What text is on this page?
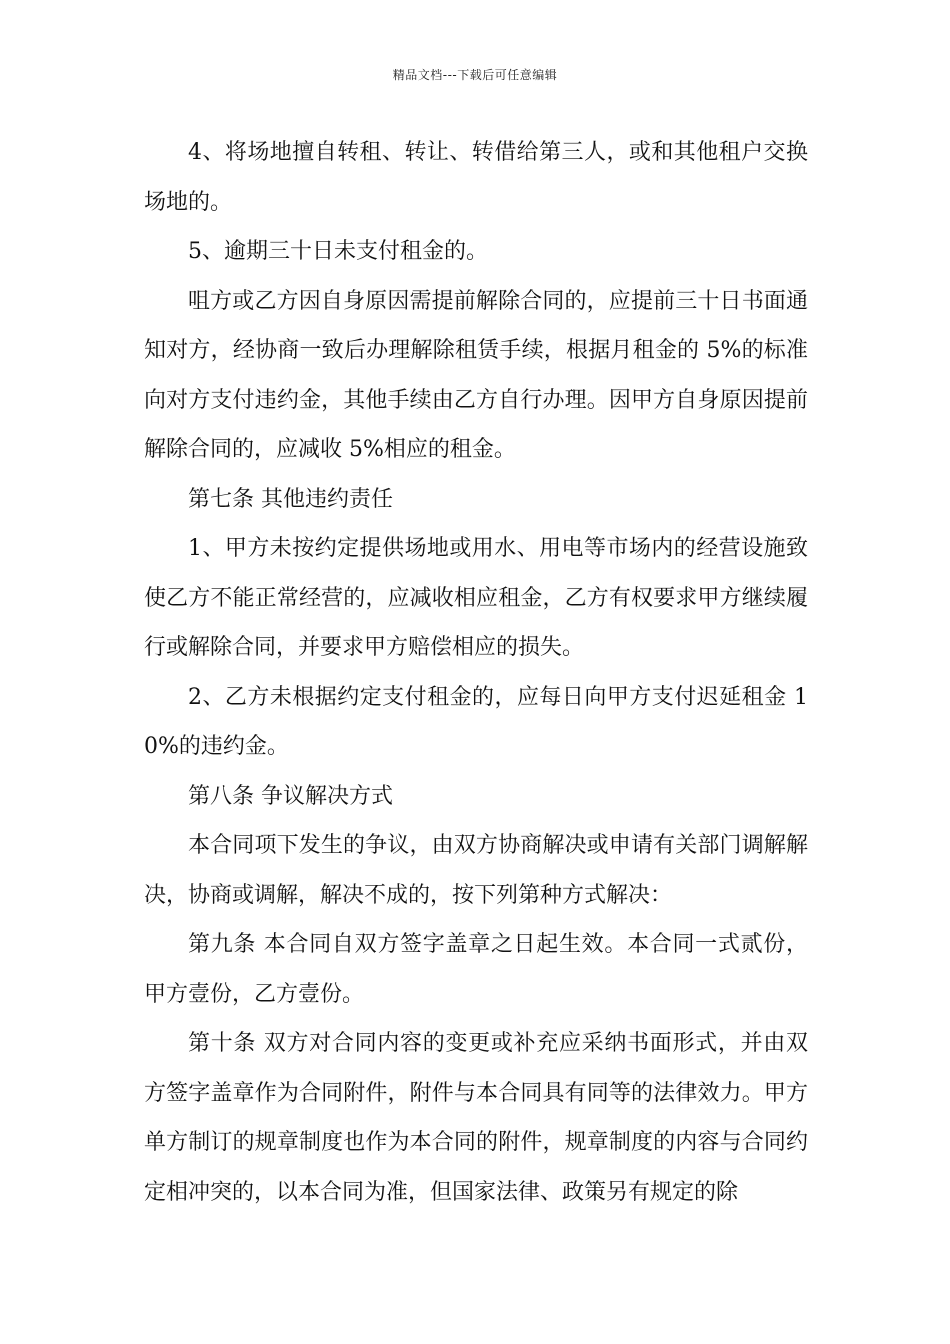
精品文档---下载后可任意编辑

4、将场地擅自转租、转让、转借给第三人，或和其他租户交换场地的。

5、逾期三十日未支付租金的。

咀方或乙方因自身原因需提前解除合同的，应提前三十日书面通知对方，经协商一致后办理解除租赁手续，根据月租金的 5%的标准向对方支付违约金，其他手续由乙方自行办理。因甲方自身原因提前解除合同的，应减收 5%相应的租金。

第七条 其他违约责任

1、甲方未按约定提供场地或用水、用电等市场内的经营设施致使乙方不能正常经营的，应减收相应租金，乙方有权要求甲方继续履行或解除合同，并要求甲方赔偿相应的损失。

2、乙方未根据约定支付租金的，应每日向甲方支付迟延租金 10%的违约金。

第八条 争议解决方式

本合同项下发生的争议，由双方协商解决或申请有关部门调解解决，协商或调解，解决不成的，按下列第种方式解决：

第九条 本合同自双方签字盖章之日起生效。本合同一式贰份，甲方壹份，乙方壹份。

第十条 双方对合同内容的变更或补充应采纳书面形式，并由双方签字盖章作为合同附件，附件与本合同具有同等的法律效力。甲方单方制订的规章制度也作为本合同的附件，规章制度的内容与合同约定相冲突的，以本合同为准，但国家法律、政策另有规定的除
